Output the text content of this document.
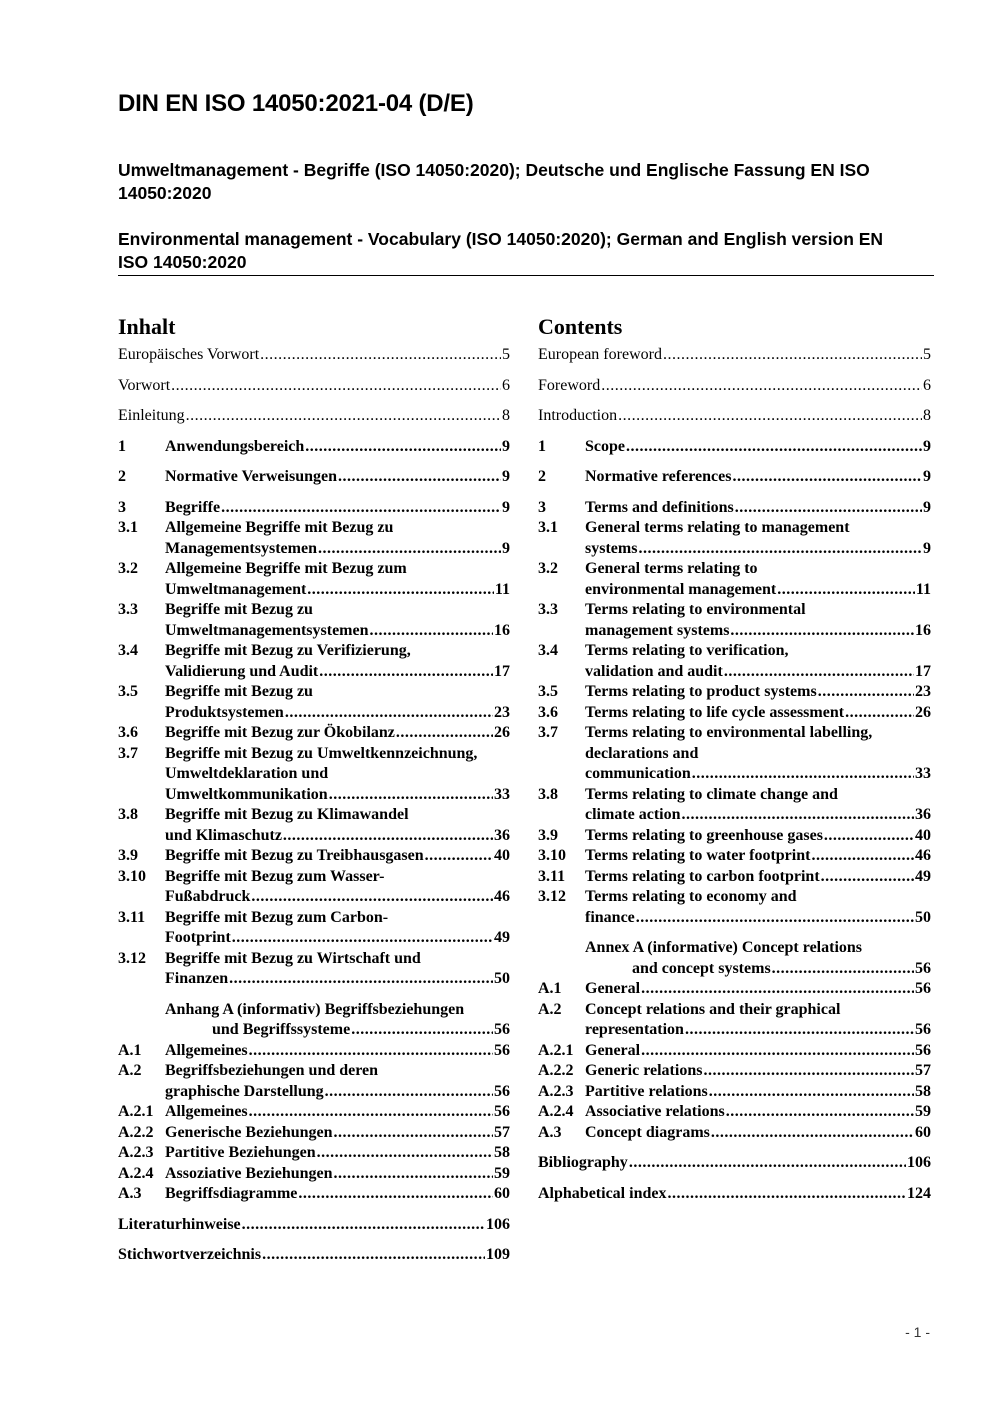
DIN EN ISO 14050:2021-04 (D/E)
Umweltmanagement - Begriffe (ISO 14050:2020); Deutsche und Englische Fassung EN ISO 14050:2020
Environmental management - Vocabulary (ISO 14050:2020); German and English version EN ISO 14050:2020
Inhalt
Europäisches Vorwort .....	5
Vorwort .....	6
Einleitung .....	8
1	Anwendungsbereich .....	9
2	Normative Verweisungen .....	9
3	Begriffe .....	9
3.1	Allgemeine Begriffe mit Bezug zu
Managementsystemen .....	9
3.2	Allgemeine Begriffe mit Bezug zum
Umweltmanagement .....	11
3.3	Begriffe mit Bezug zu
Umweltmanagementsystemen .....	16
3.4	Begriffe mit Bezug zu Verifizierung,
Validierung und Audit .....	17
3.5	Begriffe mit Bezug zu
Produktsystemen .....	23
3.6	Begriffe mit Bezug zur Ökobilanz .....	26
3.7	Begriffe mit Bezug zu Umweltkennzeichnung, Umweltdeklaration und
Umweltkommunikation .....	33
3.8	Begriffe mit Bezug zu Klimawandel
und Klimaschutz .....	36
3.9	Begriffe mit Bezug zu Treibhausgasen .....	40
3.10	Begriffe mit Bezug zum Wasser-
Fußabdruck .....	46
3.11	Begriffe mit Bezug zum Carbon-
Footprint .....	49
3.12	Begriffe mit Bezug zu Wirtschaft und
Finanzen .....	50
Anhang A (informativ) Begriffsbeziehungen
und Begriffssysteme .....	56
A.1	Allgemeines .....	56
A.2	Begriffsbeziehungen und deren
graphische Darstellung .....	56
A.2.1 Allgemeines .....	56
A.2.2 Generische Beziehungen .....	57
A.2.3 Partitive Beziehungen .....	58
A.2.4 Assoziative Beziehungen .....	59
A.3	Begriffsdiagramme .....	60
Literaturhinweise .....	106
Stichwortverzeichnis .....	109
Contents
European foreword .....	5
Foreword .....	6
Introduction .....	8
1	Scope .....	9
2	Normative references .....	9
3	Terms and definitions .....	9
3.1	General terms relating to management
systems .....	9
3.2	General terms relating to
environmental management .....	11
3.3	Terms relating to environmental
management systems .....	16
3.4	Terms relating to verification,
validation and audit .....	17
3.5	Terms relating to product systems .....	23
3.6	Terms relating to life cycle assessment .....	26
3.7	Terms relating to environmental labelling, declarations and
communication .....	33
3.8	Terms relating to climate change and
climate action .....	36
3.9	Terms relating to greenhouse gases .....	40
3.10	Terms relating to water footprint .....	46
3.11	Terms relating to carbon footprint .....	49
3.12	Terms relating to economy and
finance .....	50
Annex A (informative) Concept relations
and concept systems .....	56
A.1	General .....	56
A.2	Concept relations and their graphical
representation .....	56
A.2.1 General .....	56
A.2.2 Generic relations .....	57
A.2.3 Partitive relations .....	58
A.2.4 Associative relations .....	59
A.3	Concept diagrams .....	60
Bibliography .....	106
Alphabetical index .....	124
- 1 -
